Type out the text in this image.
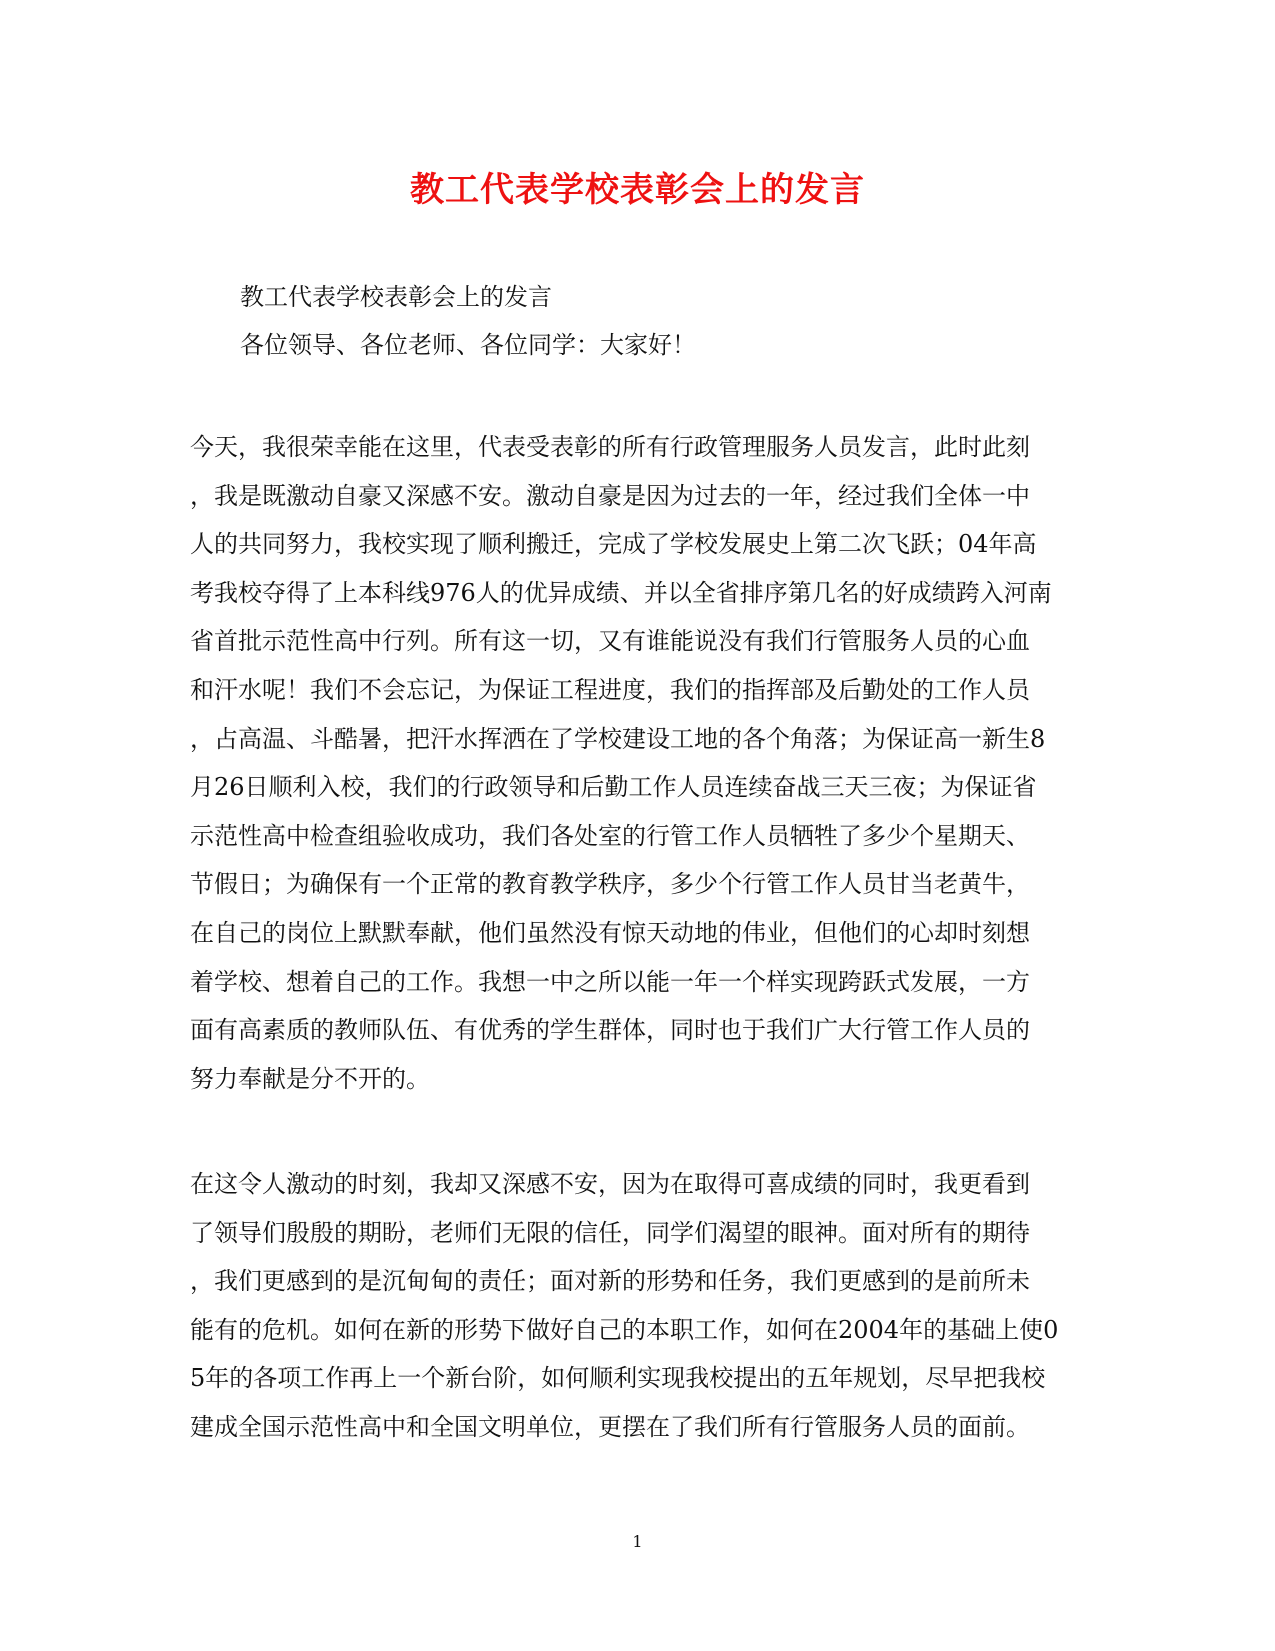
教工代表学校表彰会上的发言
教工代表学校表彰会上的发言
各位领导、各位老师、各位同学：大家好！
今天，我很荣幸能在这里，代表受表彰的所有行政管理服务人员发言，此时此刻
，我是既激动自豪又深感不安。激动自豪是因为过去的一年，经过我们全体一中
人的共同努力，我校实现了顺利搬迁，完成了学校发展史上第二次飞跃；04年高
考我校夺得了上本科线976人的优异成绩、并以全省排序第几名的好成绩跨入河南
省首批示范性高中行列。所有这一切，又有谁能说没有我们行管服务人员的心血
和汗水呢！我们不会忘记，为保证工程进度，我们的指挥部及后勤处的工作人员
，占高温、斗酷暑，把汗水挥洒在了学校建设工地的各个角落；为保证高一新生8
月26日顺利入校，我们的行政领导和后勤工作人员连续奋战三天三夜；为保证省
示范性高中检查组验收成功，我们各处室的行管工作人员牺牲了多少个星期天、
节假日；为确保有一个正常的教育教学秩序，多少个行管工作人员甘当老黄牛，
在自己的岗位上默默奉献，他们虽然没有惊天动地的伟业，但他们的心却时刻想
着学校、想着自己的工作。我想一中之所以能一年一个样实现跨跃式发展，一方
面有高素质的教师队伍、有优秀的学生群体，同时也于我们广大行管工作人员的
努力奉献是分不开的。
在这令人激动的时刻，我却又深感不安，因为在取得可喜成绩的同时，我更看到
了领导们殷殷的期盼，老师们无限的信任，同学们渴望的眼神。面对所有的期待
，我们更感到的是沉甸甸的责任；面对新的形势和任务，我们更感到的是前所未
能有的危机。如何在新的形势下做好自己的本职工作，如何在2004年的基础上使0
5年的各项工作再上一个新台阶，如何顺利实现我校提出的五年规划，尽早把我校
建成全国示范性高中和全国文明单位，更摆在了我们所有行管服务人员的面前。
1
